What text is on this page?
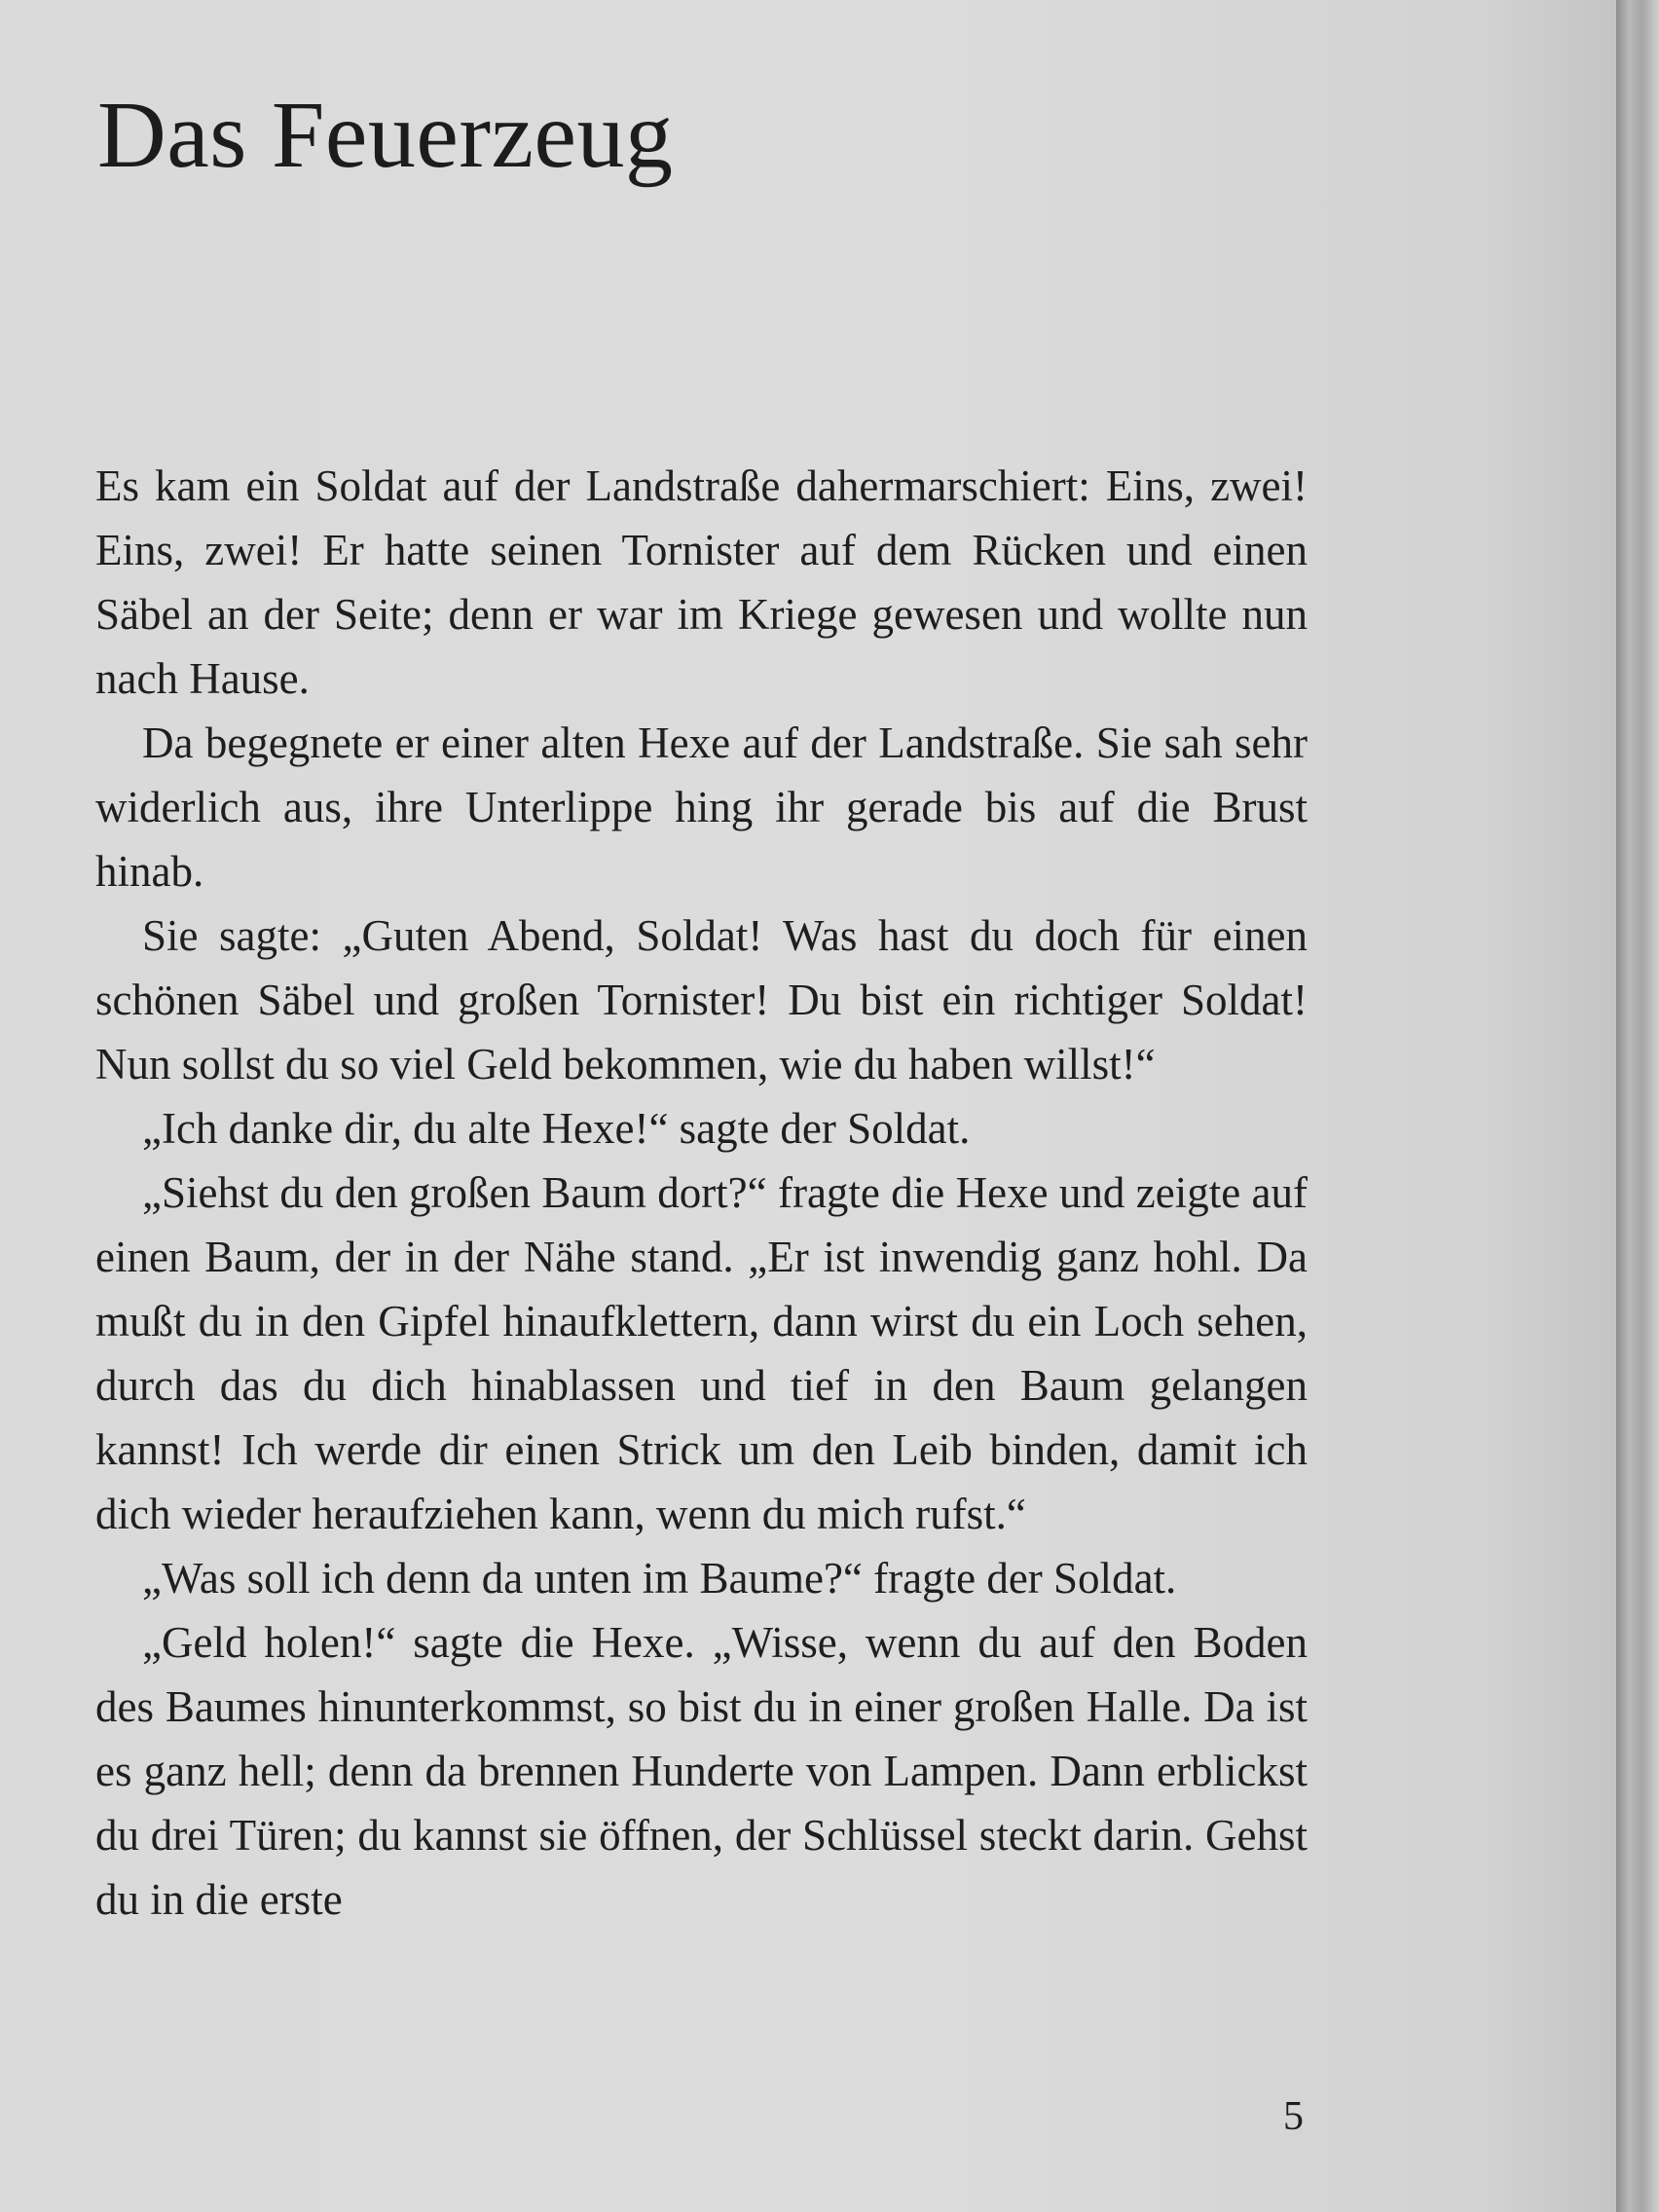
Das Feuerzeug

Es kam ein Soldat auf der Landstraße dahermarschiert: Eins, zwei! Eins, zwei! Er hatte seinen Tornister auf dem Rücken und einen Säbel an der Seite; denn er war im Kriege gewesen und wollte nun nach Hause.

Da begegnete er einer alten Hexe auf der Landstraße. Sie sah sehr widerlich aus, ihre Unterlippe hing ihr gerade bis auf die Brust hinab.

Sie sagte: „Guten Abend, Soldat! Was hast du doch für einen schönen Säbel und großen Tornister! Du bist ein richtiger Soldat! Nun sollst du so viel Geld bekommen, wie du haben willst!“

„Ich danke dir, du alte Hexe!“ sagte der Soldat.

„Siehst du den großen Baum dort?“ fragte die Hexe und zeigte auf einen Baum, der in der Nähe stand. „Er ist inwendig ganz hohl. Da mußt du in den Gipfel hinaufklettern, dann wirst du ein Loch sehen, durch das du dich hinablassen und tief in den Baum gelangen kannst! Ich werde dir einen Strick um den Leib binden, damit ich dich wieder heraufziehen kann, wenn du mich rufst.“

„Was soll ich denn da unten im Baume?“ fragte der Soldat.

„Geld holen!“ sagte die Hexe. „Wisse, wenn du auf den Boden des Baumes hinunterkommst, so bist du in einer großen Halle. Da ist es ganz hell; denn da brennen Hunderte von Lampen. Dann erblickst du drei Türen; du kannst sie öffnen, der Schlüssel steckt darin. Gehst du in die erste

5
